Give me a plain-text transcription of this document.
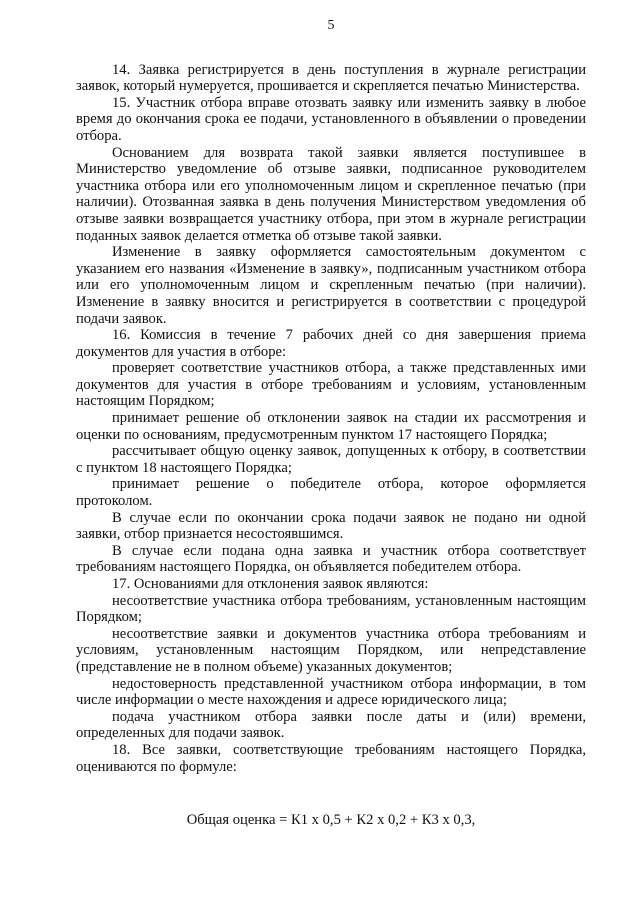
5

14. Заявка регистрируется в день поступления в журнале регистрации заявок, который нумеруется, прошивается и скрепляется печатью Министерства.

15. Участник отбора вправе отозвать заявку или изменить заявку в любое время до окончания срока ее подачи, установленного в объявлении о проведении отбора.

Основанием для возврата такой заявки является поступившее в Министерство уведомление об отзыве заявки, подписанное руководителем участника отбора или его уполномоченным лицом и скрепленное печатью (при наличии). Отозванная заявка в день получения Министерством уведомления об отзыве заявки возвращается участнику отбора, при этом в журнале регистрации поданных заявок делается отметка об отзыве такой заявки.

Изменение в заявку оформляется самостоятельным документом с указанием его названия «Изменение в заявку», подписанным участником отбора или его уполномоченным лицом и скрепленным печатью (при наличии). Изменение в заявку вносится и регистрируется в соответствии с процедурой подачи заявок.

16. Комиссия в течение 7 рабочих дней со дня завершения приема документов для участия в отборе:

проверяет соответствие участников отбора, а также представленных ими документов для участия в отборе требованиям и условиям, установленным настоящим Порядком;

принимает решение об отклонении заявок на стадии их рассмотрения и оценки по основаниям, предусмотренным пунктом 17 настоящего Порядка;

рассчитывает общую оценку заявок, допущенных к отбору, в соответствии с пунктом 18 настоящего Порядка;

принимает решение о победителе отбора, которое оформляется протоколом.

В случае если по окончании срока подачи заявок не подано ни одной заявки, отбор признается несостоявшимся.

В случае если подана одна заявка и участник отбора соответствует требованиям настоящего Порядка, он объявляется победителем отбора.

17. Основаниями для отклонения заявок являются:

несоответствие участника отбора требованиям, установленным настоящим Порядком;

несоответствие заявки и документов участника отбора требованиям и условиям, установленным настоящим Порядком, или непредставление (представление не в полном объеме) указанных документов;

недостоверность представленной участником отбора информации, в том числе информации о месте нахождения и адресе юридического лица;

подача участником отбора заявки после даты и (или) времени, определенных для подачи заявок.

18. Все заявки, соответствующие требованиям настоящего Порядка, оцениваются по формуле:

Общая оценка = К1 х 0,5 + К2 х 0,2 + К3 х 0,3,
